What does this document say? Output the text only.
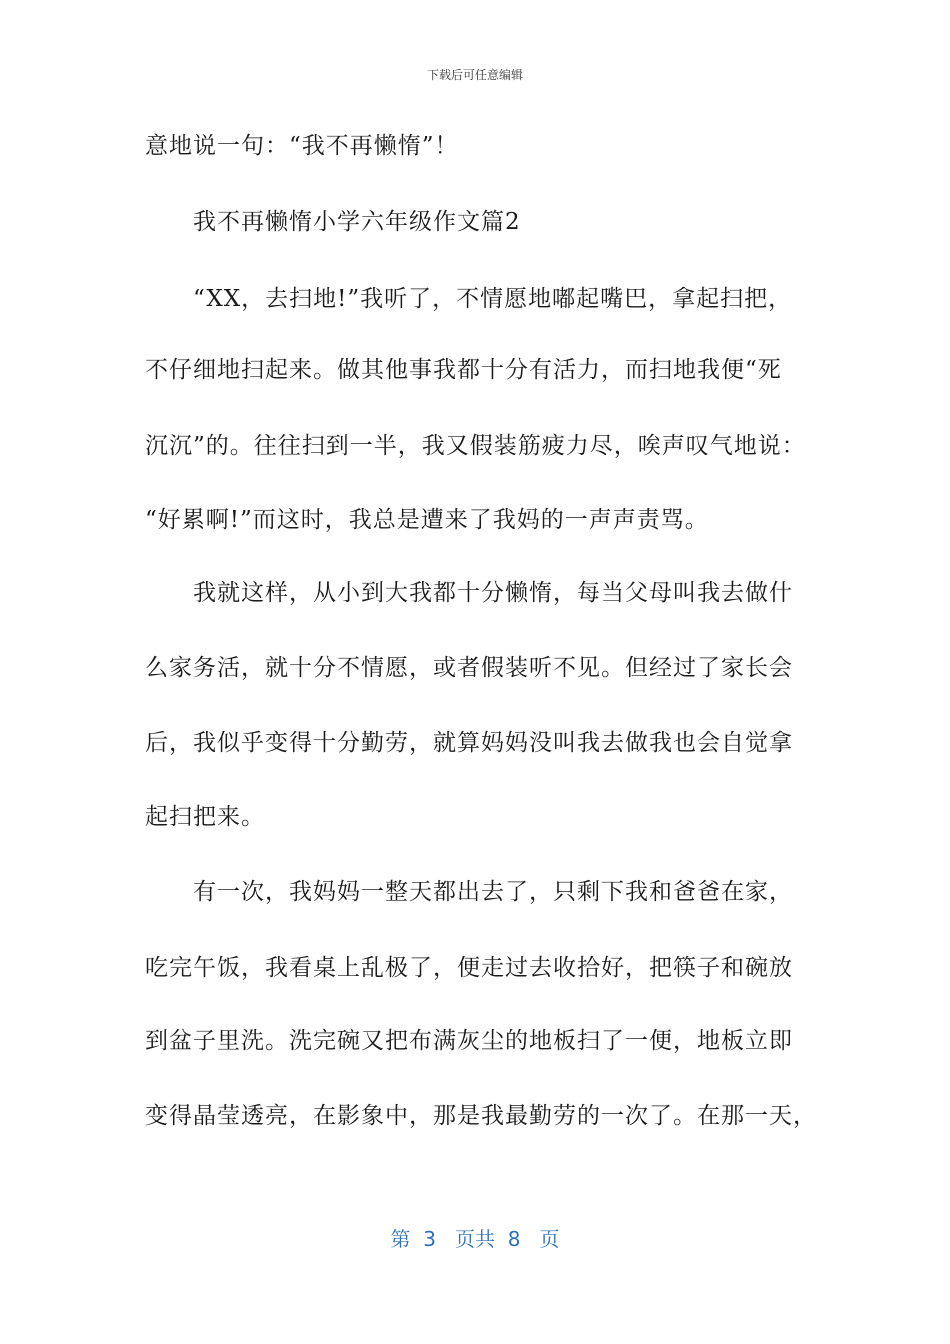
下载后可任意编辑
意地说一句：“我不再懒惰”！
我不再懒惰小学六年级作文篇2
“XX，去扫地!”我听了，不情愿地嘟起嘴巴，拿起扫把，
不仔细地扫起来。做其他事我都十分有活力，而扫地我便“死
沉沉”的。往往扫到一半，我又假装筋疲力尽，唉声叹气地说：
“好累啊!”而这时，我总是遭来了我妈的一声声责骂。
我就这样，从小到大我都十分懒惰，每当父母叫我去做什
么家务活，就十分不情愿，或者假装听不见。但经过了家长会
后，我似乎变得十分勤劳，就算妈妈没叫我去做我也会自觉拿
起扫把来。
有一次，我妈妈一整天都出去了，只剩下我和爸爸在家，
吃完午饭，我看桌上乱极了，便走过去收拾好，把筷子和碗放
到盆子里洗。洗完碗又把布满灰尘的地板扫了一便，地板立即
变得晶莹透亮，在影象中，那是我最勤劳的一次了。在那一天，
第  3   页共  8   页
